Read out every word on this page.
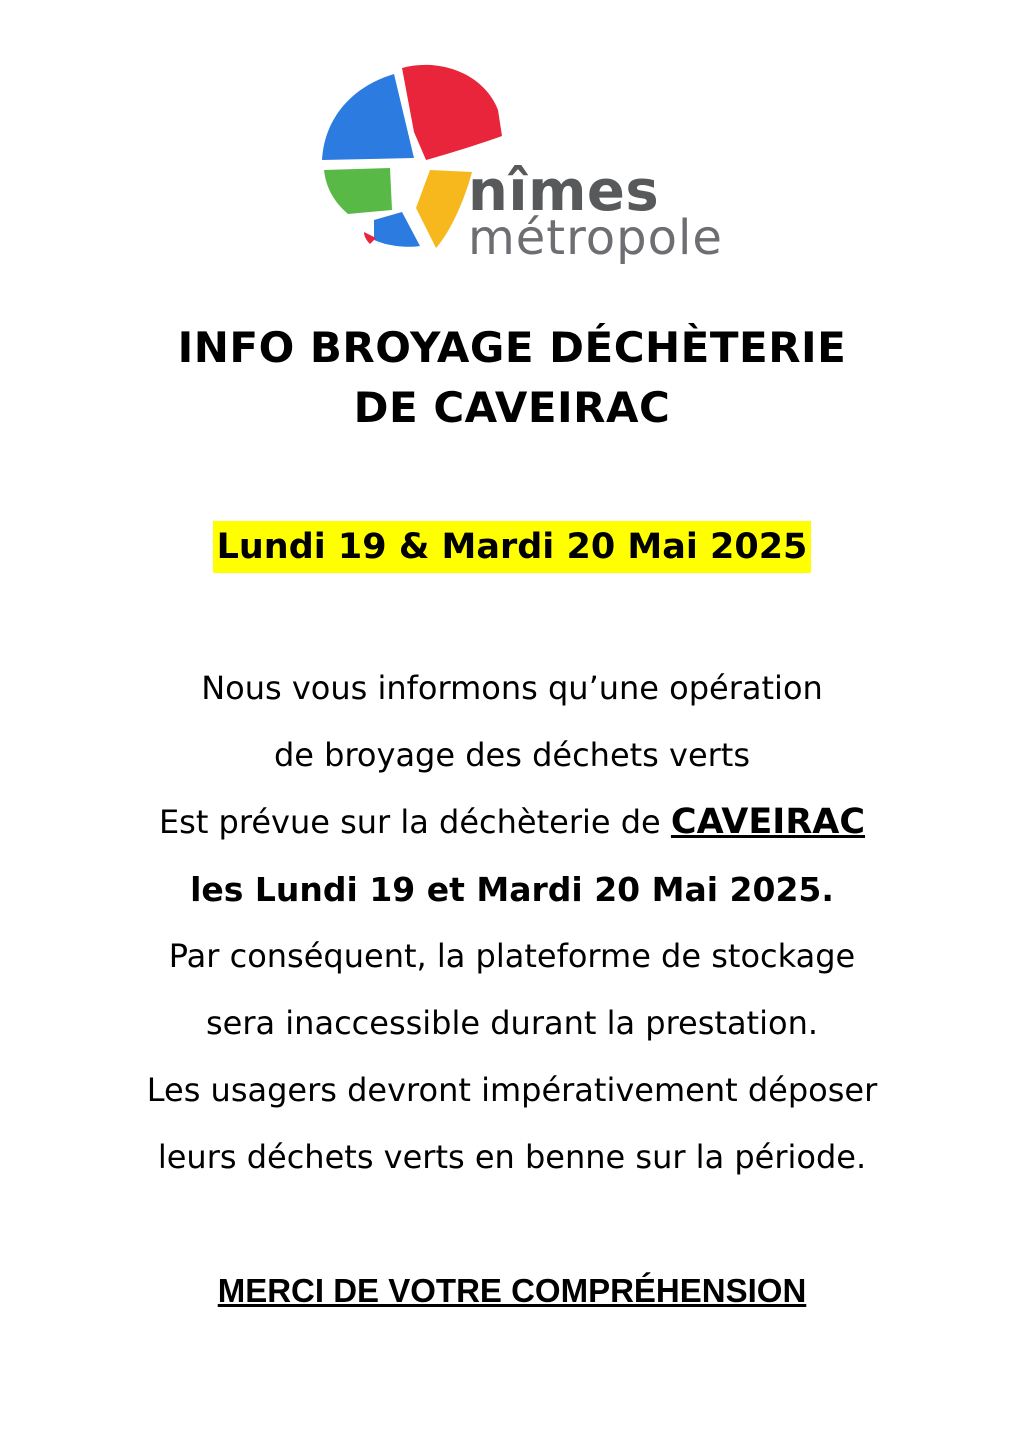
nîmes
métropole
INFO BROYAGE DÉCHÈTERIE
DE CAVEIRAC
Lundi 19 & Mardi 20 Mai 2025
Nous vous informons qu’une opération
de broyage des déchets verts
Est prévue sur la déchèterie de CAVEIRAC
les Lundi 19 et Mardi 20 Mai 2025.
Par conséquent, la plateforme de stockage
sera inaccessible durant la prestation.
Les usagers devront impérativement déposer
leurs déchets verts en benne sur la période.
MERCI DE VOTRE COMPRÉHENSION
